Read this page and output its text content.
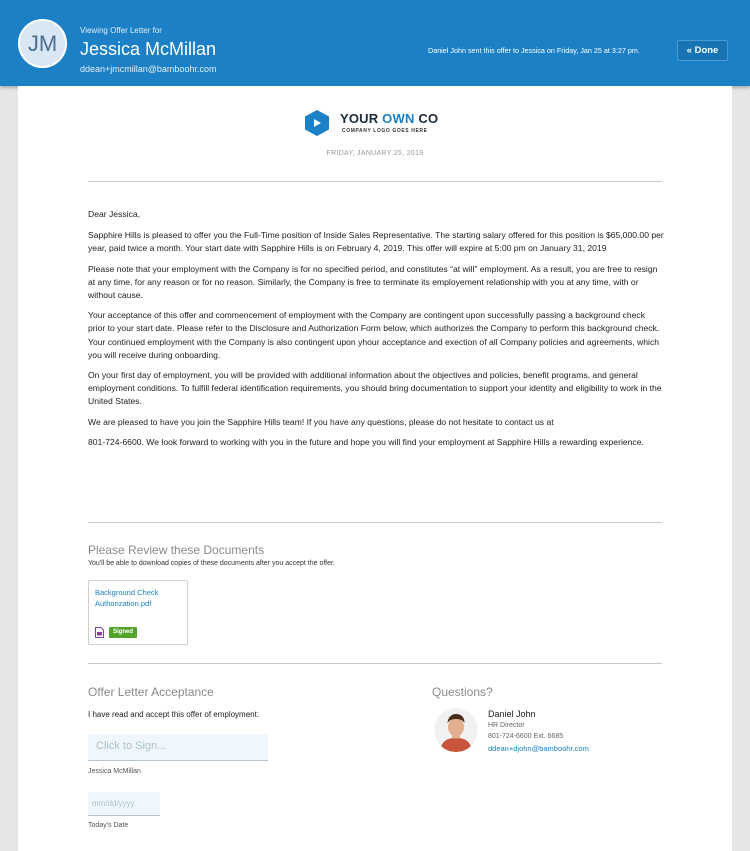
JM
Viewing Offer Letter for
Jessica McMillan
ddean+jmcmillan@bamboohr.com
Daniel John sent this offer to Jessica on Friday, Jan 25 at 3:27 pm.	« Done
YOUR OWN CO
COMPANY LOGO GOES HERE
FRIDAY, JANUARY 25, 2019

Dear Jessica,

Sapphire Hills is pleased to offer you the Full-Time position of Inside Sales Representative. The starting salary offered for this position is $65,000.00 per year, paid twice a month. Your start date with Sapphire Hills is on February 4, 2019. This offer will expire at 5:00 pm on January 31, 2019

Please note that your employment with the Company is for no specified period, and constitutes “at will” employment. As a result, you are free to resign at any time, for any reason or for no reason. Similarly, the Company is free to terminate its employement relationship with you at any time, with or without cause.

Your acceptance of this offer and commencement of employment with the Company are contingent upon successfully passing a background check prior to your start date. Please refer to the Disclosure and Authorization Form below, which authorizes the Company to perform this background check. Your continued employment with the Company is also contingent upon yhour acceptance and exection of all Company policies and agreements, which you will receive during onboarding.

On your first day of employment, you will be provided with additional information about the objectives and policies, benefit programs, and general employment conditions. To fulfill federal identification requirements, you should bring documentation to support your identity and eligibility to work in the United States.

We are pleased to have you join the Sapphire Hills team! If you have any questions, please do not hesitate to contact us at

801-724-6600. We look forward to working with you in the future and hope you will find your employment at Sapphire Hills a rewarding experience.

Please Review these Documents
You'll be able to download copies of these documents after you accept the offer.
Background Check Authorization.pdf
Signed
Offer Letter Acceptance
I have read and accept this offer of employment:
Click to Sign...
Jessica McMillan
mm/dd/yyyy
Today's Date
Questions?
Daniel John
HR Director
801-724-6600 Ext. 6685
ddean+djohn@bamboohr.com
